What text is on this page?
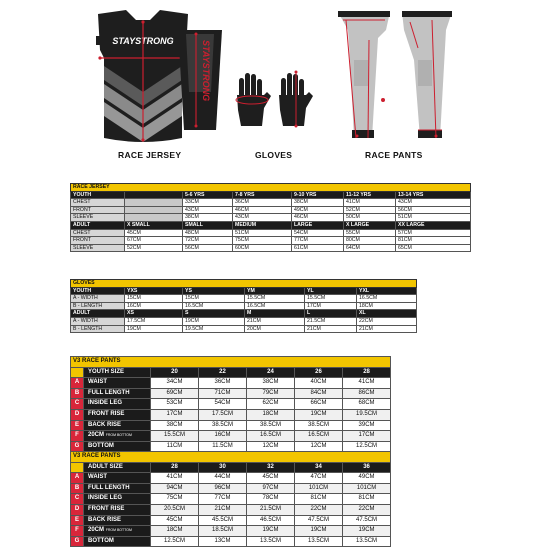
STAYSTRONG	STAYSTRONG
RACE JERSEY	GLOVES	RACE PANTS
RACE JERSEY						
YOUTH		5-6 YRS	7-8 YRS	9-10 YRS	11-12 YRS	13-14 YRS
CHEST		33CM	36CM	38CM	41CM	43CM
FRONT		43CM	46CM	49CM	52CM	56CM
SLEEVE		38CM	43CM	46CM	50CM	51CM
ADULT	X SMALL	SMALL	MEDIUM	LARGE	X LARGE	XX LARGE
CHEST	45CM	48CM	51CM	54CM	55CM	57CM
FRONT	67CM	72CM	75CM	77CM	80CM	81CM
SLEEVE	52CM	56CM	60CM	61CM	64CM	65CM
GLOVES					
YOUTH	YXS	YS	YM	YL	YXL
A - WIDTH	15CM	15CM	15.5CM	15.5CM	16.5CM
B - LENGTH	16CM	16.5CM	16.5CM	17CM	18CM
ADULT	XS	S	M	L	XL
A - WIDTH	17.5CM	19CM	21CM	21.5CM	22CM
B - LENGTH	19CM	19.5CM	20CM	21CM	21CM
V3 RACE PANTS						
	YOUTH SIZE	20	22	24	26	28
A	WAIST	34CM	36CM	38CM	40CM	41CM
B	FULL LENGTH	69CM	71CM	79CM	84CM	86CM
C	INSIDE LEG	53CM	54CM	62CM	66CM	68CM
D	FRONT RISE	17CM	17.5CM	18CM	19CM	19.5CM
E	BACK RISE	38CM	38.5CM	38.5CM	38.5CM	39CM
F	20CM FROM BOTTOM	15.5CM	16CM	16.5CM	16.5CM	17CM
G	BOTTOM	11CM	11.5CM	12CM	12CM	12.5CM
V3 RACE PANTS						
	ADULT SIZE	28	30	32	34	36
A	WAIST	41CM	44CM	45CM	47CM	49CM
B	FULL LENGTH	94CM	96CM	97CM	101CM	101CM
C	INSIDE LEG	75CM	77CM	78CM	81CM	81CM
D	FRONT RISE	20.5CM	21CM	21.5CM	22CM	22CM
E	BACK RISE	45CM	45.5CM	46.5CM	47.5CM	47.5CM
F	20CM FROM BOTTOM	18CM	18.5CM	19CM	19CM	19CM
G	BOTTOM	12.5CM	13CM	13.5CM	13.5CM	13.5CM
